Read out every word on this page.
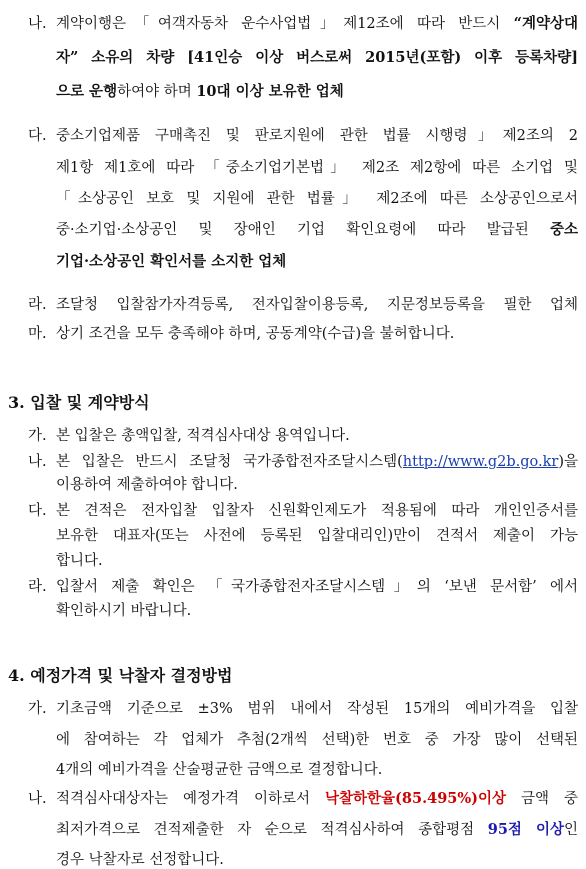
나. 계약이행은「여객자동차 운수사업법」제12조에 따라 반드시 “계약상대
자” 소유의 차량 [41인승 이상 버스로써 2015년(포함) 이후 등록차량]
으로 운행하여야 하며 10대 이상 보유한 업체
다. 중소기업제품 구매촉진 및 판로지원에 관한 법률 시행령」제2조의 2
제1항 제1호에 따라 「중소기업기본법」 제2조 제2항에 따른 소기업 및
「소상공인 보호 및 지원에 관한 법률」 제2조에 따른 소상공인으로서
중·소기업·소상공인 및 장애인 기업 확인요령에 따라 발급된 중소
기업·소상공인 확인서를 소지한 업체
라. 조달청 입찰참가자격등록, 전자입찰이용등록, 지문정보등록을 필한 업체
마. 상기 조건을 모두 충족해야 하며, 공동계약(수급)을 불허합니다.
3. 입찰 및 계약방식
가. 본 입찰은 총액입찰, 적격심사대상 용역입니다.
나. 본 입찰은 반드시 조달청 국가종합전자조달시스템(http://www.g2b.go.kr)을
이용하여 제출하여야 합니다.
다. 본 견적은 전자입찰 입찰자 신원확인제도가 적용됨에 따라 개인인증서를
보유한 대표자(또는 사전에 등록된 입찰대리인)만이 견적서 제출이 가능
합니다.
라. 입찰서 제출 확인은 「국가종합전자조달시스템」의 ‘보낸 문서함’ 에서
확인하시기 바랍니다.
4. 예정가격 및 낙찰자 결정방법
가. 기초금액 기준으로 ±3% 범위 내에서 작성된 15개의 예비가격을 입찰
에 참여하는 각 업체가 추첨(2개씩 선택)한 번호 중 가장 많이 선택된
4개의 예비가격을 산술평균한 금액으로 결정합니다.
나. 적격심사대상자는 예정가격 이하로서 낙찰하한율(85.495%)이상 금액 중
최저가격으로 견적제출한 자 순으로 적격심사하여 종합평점 95점 이상인
경우 낙찰자로 선정합니다.
